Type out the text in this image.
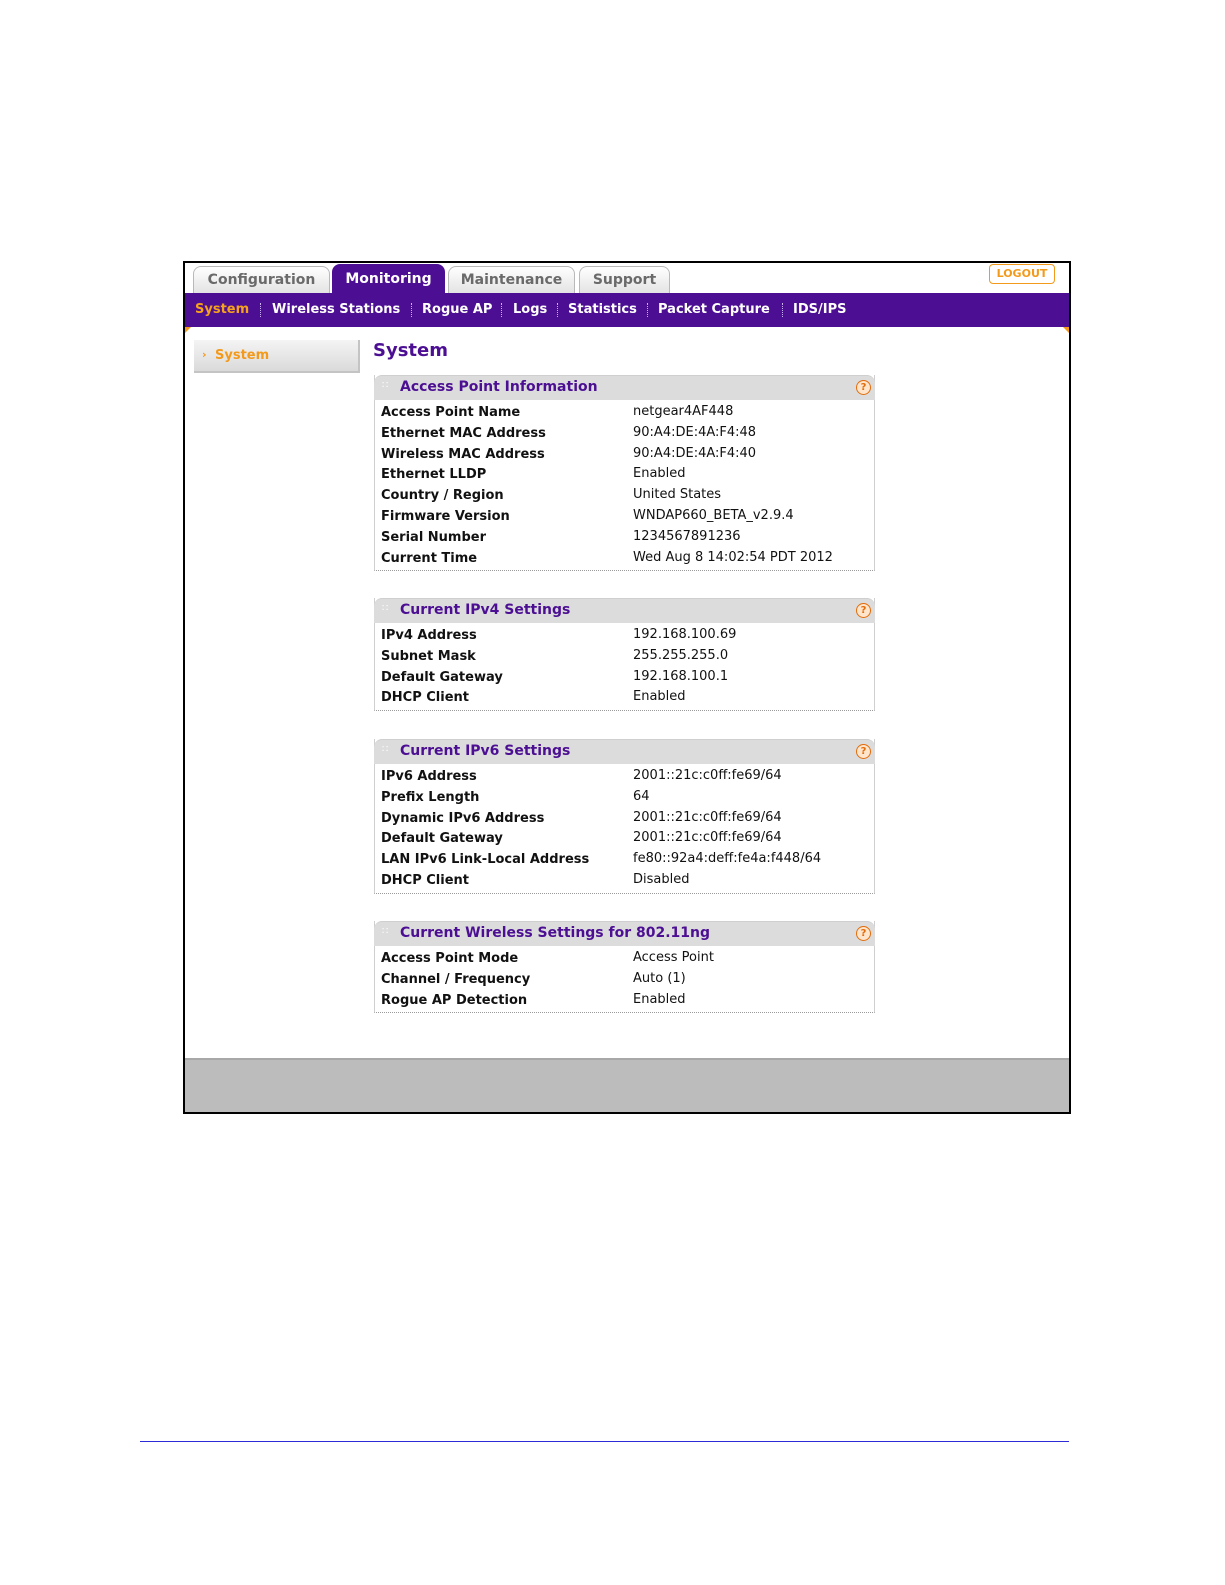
Configuration	Monitoring	Maintenance	Support	LOGOUT
System Wireless Stations Rogue AP Logs Statistics Packet Capture IDS/IPS
› System	System
∷ Access Point Information	?
Access Point Name	netgear4AF448
Ethernet MAC Address	90:A4:DE:4A:F4:48
Wireless MAC Address	90:A4:DE:4A:F4:40
Ethernet LLDP	Enabled
Country / Region	United States
Firmware Version	WNDAP660_BETA_v2.9.4
Serial Number	1234567891236
Current Time	Wed Aug 8 14:02:54 PDT 2012
∷ Current IPv4 Settings	?
IPv4 Address	192.168.100.69
Subnet Mask	255.255.255.0
Default Gateway	192.168.100.1
DHCP Client	Enabled
∷ Current IPv6 Settings	?
IPv6 Address	2001::21c:c0ff:fe69/64
Prefix Length	64
Dynamic IPv6 Address	2001::21c:c0ff:fe69/64
Default Gateway	2001::21c:c0ff:fe69/64
LAN IPv6 Link-Local Address	fe80::92a4:deff:fe4a:f448/64
DHCP Client	Disabled
∷ Current Wireless Settings for 802.11ng	?
Access Point Mode	Access Point
Channel / Frequency	Auto (1)
Rogue AP Detection	Enabled
